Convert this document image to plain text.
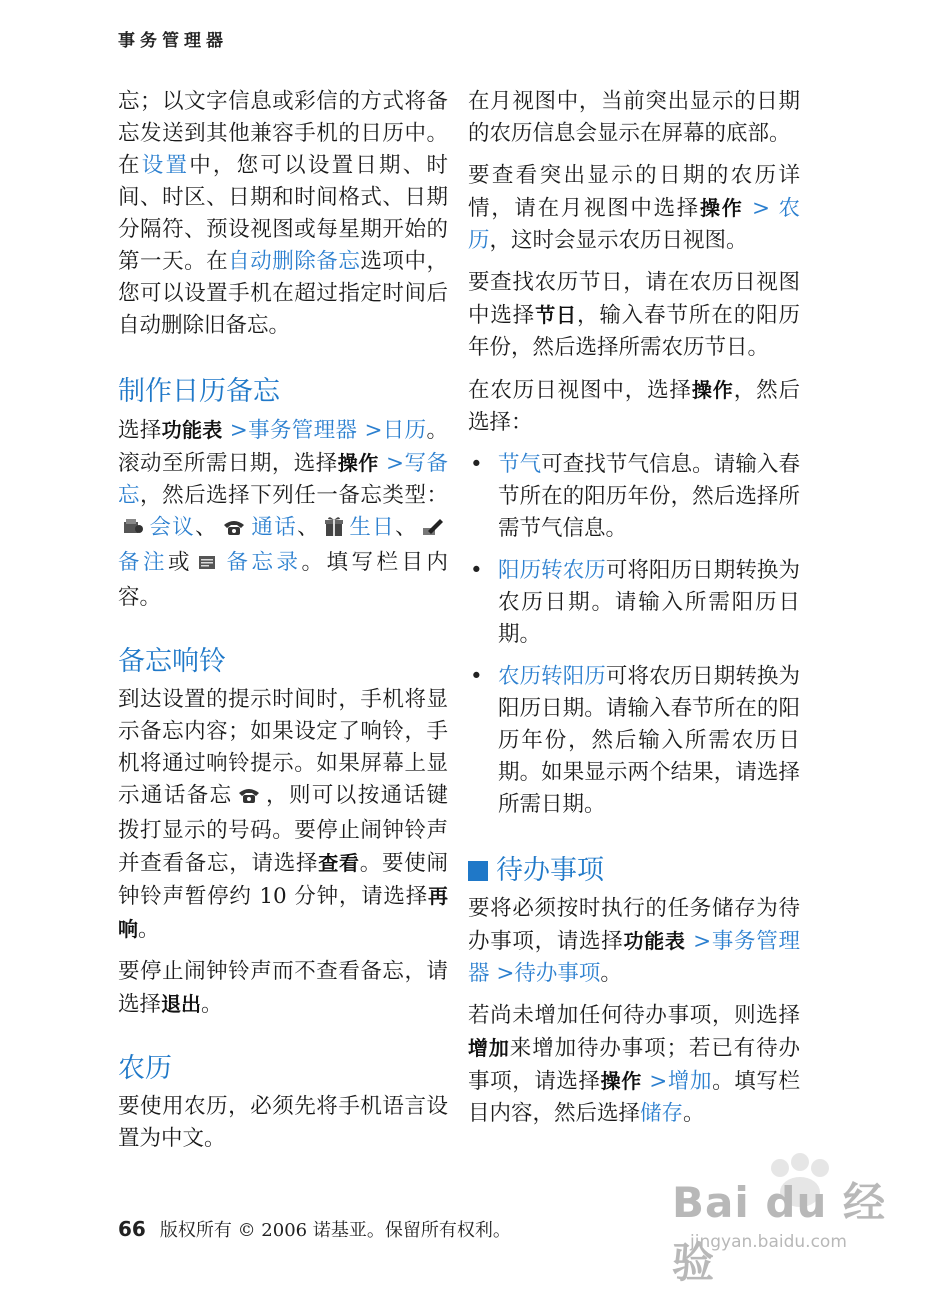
事务管理器

忘；以文字信息或彩信的方式将备忘发送到其他兼容手机的日历中。在设置中，您可以设置日期、时间、时区、日期和时间格式、日期分隔符、预设视图或每星期开始的第一天。在自动删除备忘选项中，您可以设置手机在超过指定时间后自动删除旧备忘。

制作日历备忘

选择功能表 >事务管理器 >日历。滚动至所需日期，选择操作 >写备忘，然后选择下列任一备忘类型：会议、 通话、 生日、备注或 备忘录。填写栏目内容。

备忘响铃

到达设置的提示时间时，手机将显示备忘内容；如果设定了响铃，手机将通过响铃提示。如果屏幕上显示通话备忘 ，则可以按通话键拨打显示的号码。要停止闹钟铃声并查看备忘，请选择查看。要使闹钟铃声暂停约 10 分钟，请选择再响。

要停止闹钟铃声而不查看备忘，请选择退出。

农历

要使用农历，必须先将手机语言设置为中文。

在月视图中，当前突出显示的日期的农历信息会显示在屏幕的底部。

要查看突出显示的日期的农历详情，请在月视图中选择操作 > 农历，这时会显示农历日视图。

要查找农历节日，请在农历日视图中选择节日，输入春节所在的阳历年份，然后选择所需农历节日。

在农历日视图中，选择操作，然后选择：

• 节气可查找节气信息。请输入春节所在的阳历年份，然后选择所需节气信息。
• 阳历转农历可将阳历日期转换为农历日期。请输入所需阳历日期。
• 农历转阳历可将农历日期转换为阳历日期。请输入春节所在的阳历年份，然后输入所需农历日期。如果显示两个结果，请选择所需日期。
待办事项

要将必须按时执行的任务储存为待办事项，请选择功能表 >事务管理器 >待办事项。

若尚未增加任何待办事项，则选择增加来增加待办事项；若已有待办事项，请选择操作 >增加。填写栏目内容，然后选择储存。

Bai du 经验
jingyan.baidu.com
66 版权所有 © 2006 诺基亚。保留所有权利。
